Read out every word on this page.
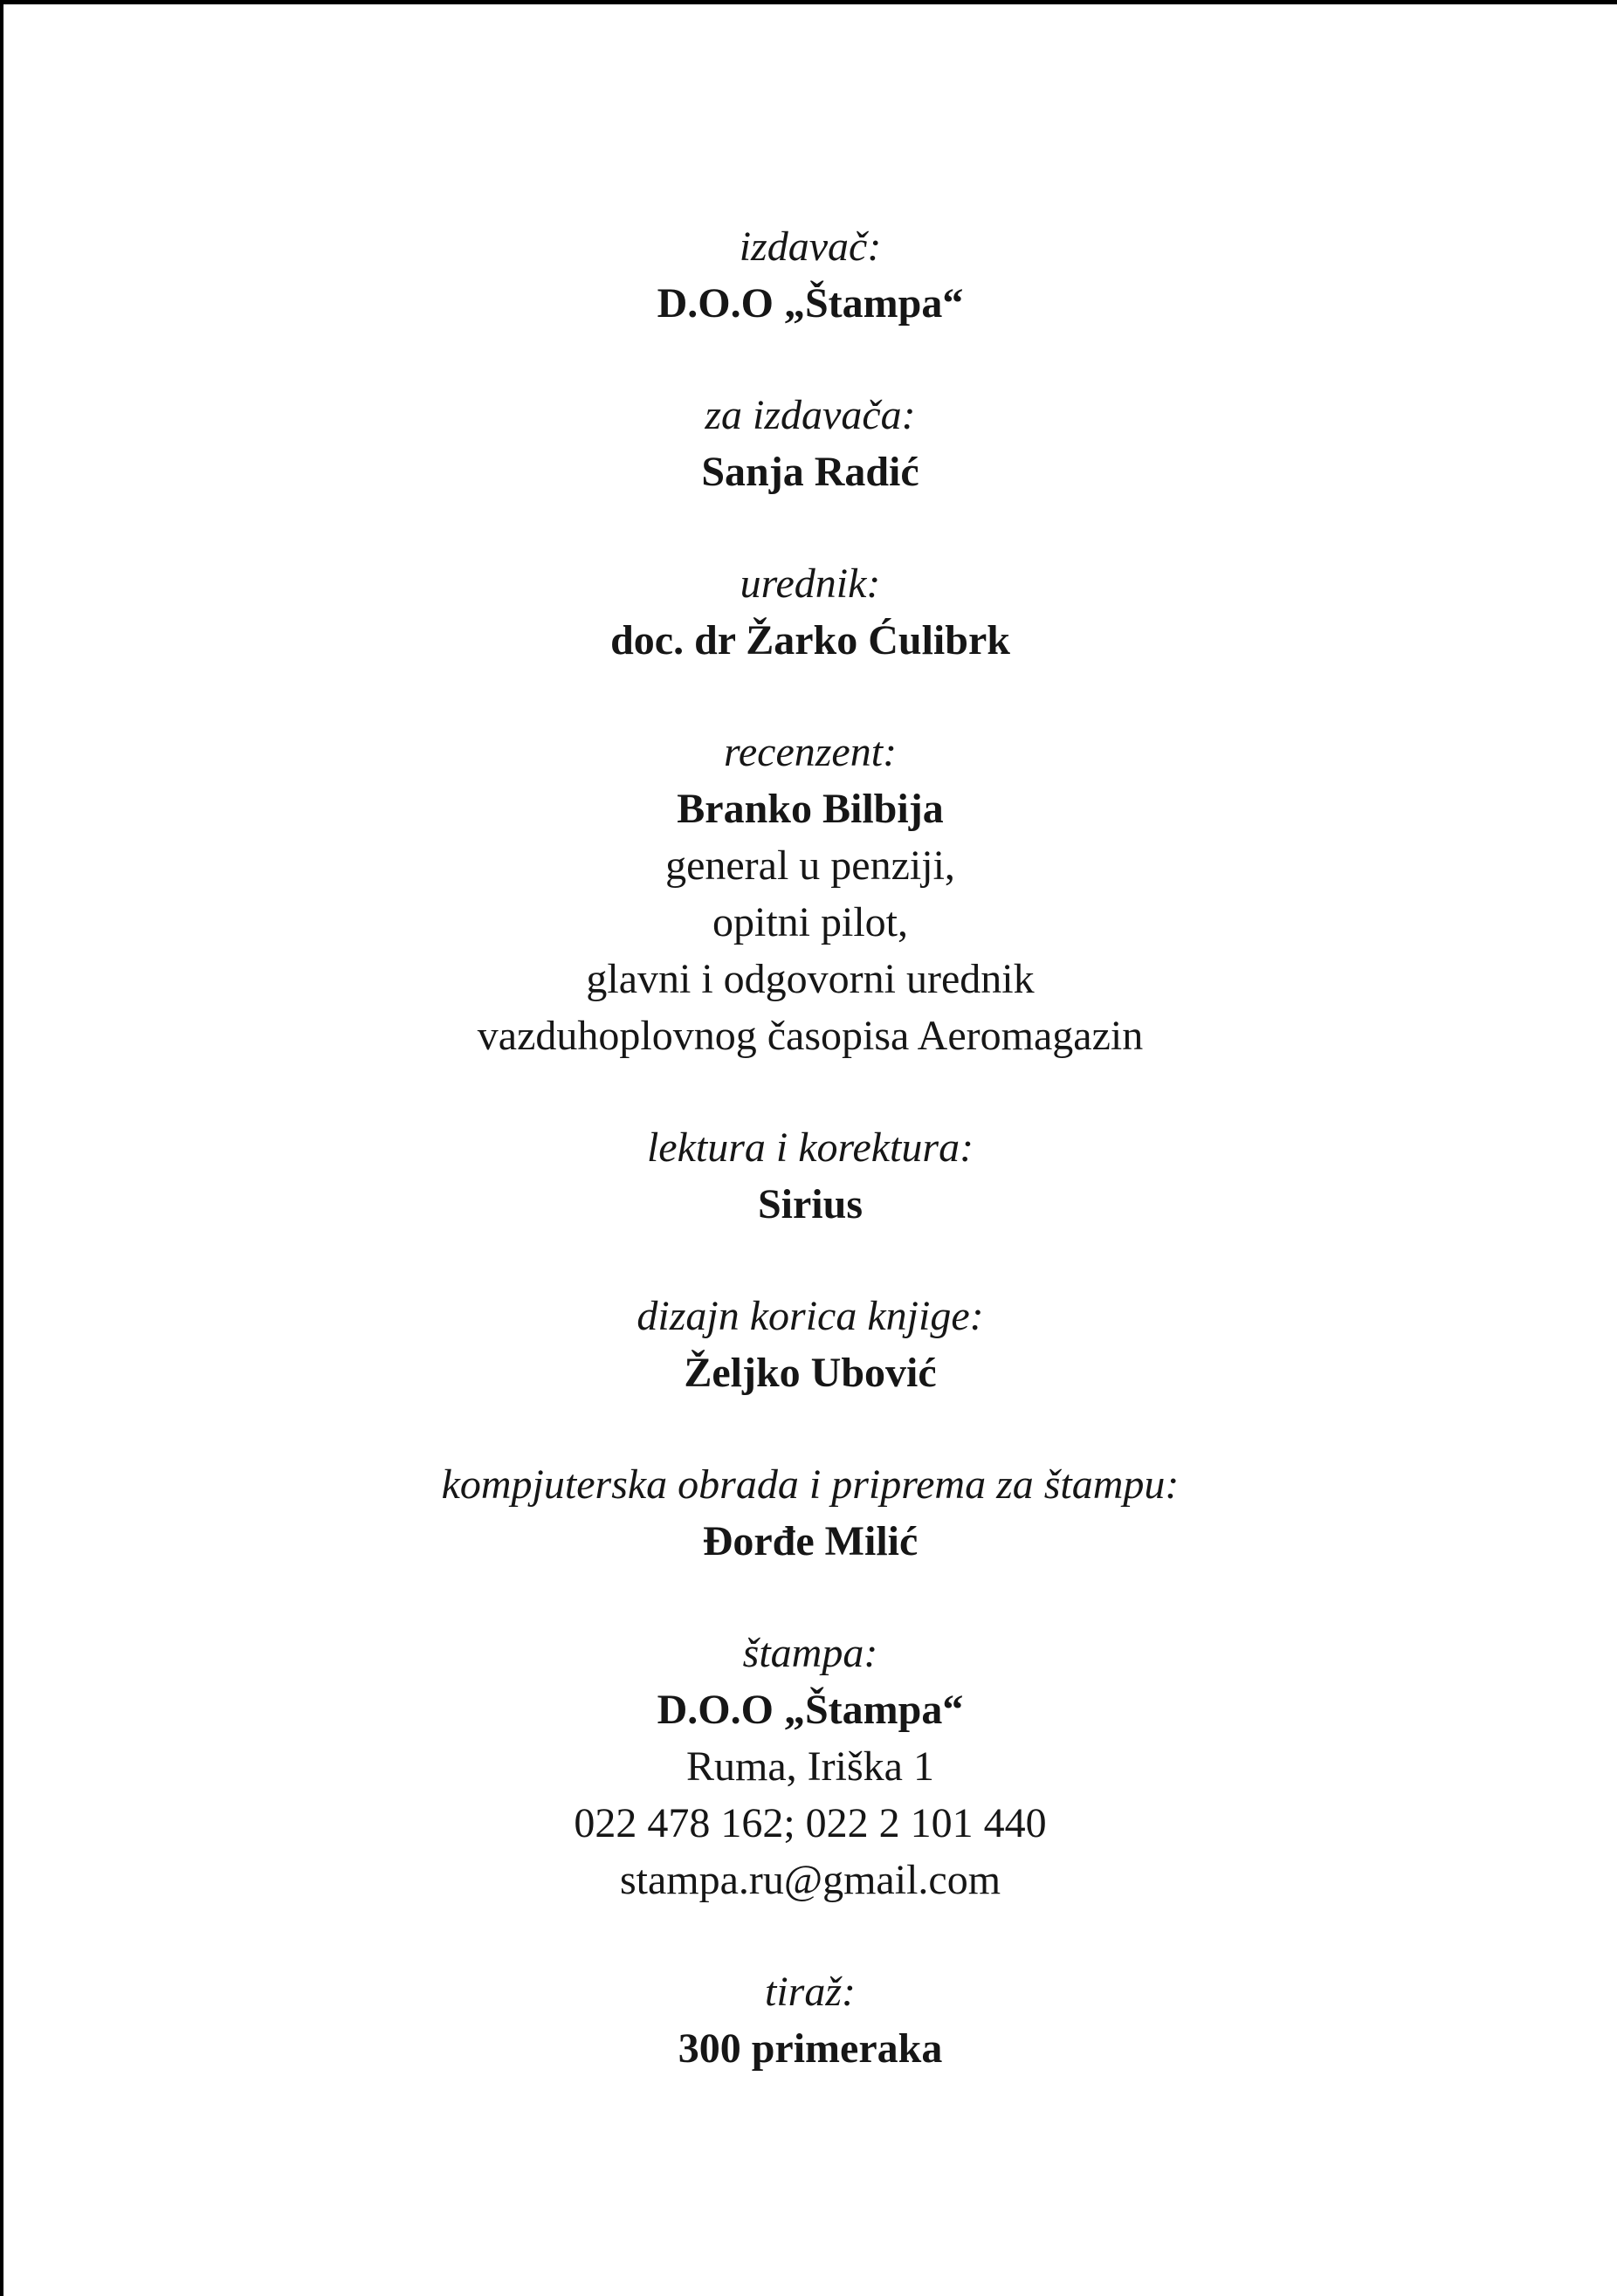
izdavač:
D.O.O „Štampa“
za izdavača:
Sanja Radić
urednik:
doc. dr Žarko Ćulibrk
recenzent:
Branko Bilbija
general u penziji,
opitni pilot,
glavni i odgovorni urednik
vazduhoplovnog časopisa Aeromagazin
lektura i korektura:
Sirius
dizajn korica knjige:
Željko Ubović
kompjuterska obrada i priprema za štampu:
Đorđe Milić
štampa:
D.O.O „Štampa“
Ruma, Iriška 1
022 478 162; 022 2 101 440
stampa.ru@gmail.com
tiraž:
300 primeraka
